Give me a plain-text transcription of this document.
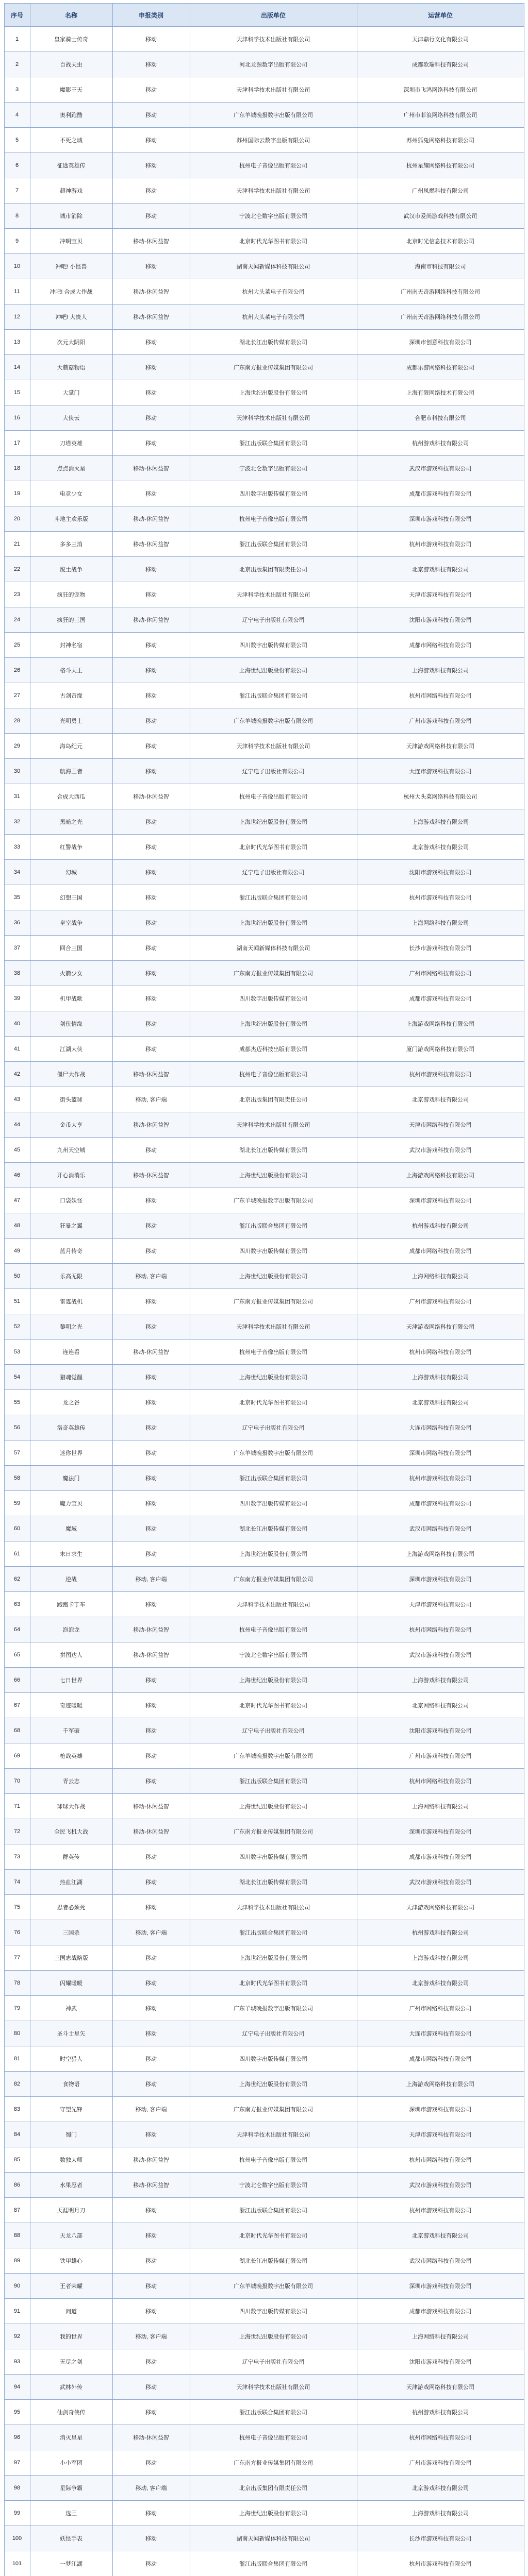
序号	名称	申报类别	出版单位	运营单位
1	皇家骑士传奇	移动	天津科学技术出版社有限公司	天津鼎行文化有限公司
2	百战天虫	移动	河北龙源数字出版有限公司	成都欧瑞科技有限公司
3	魔影王天	移动	天津科学技术出版社有限公司	深圳市飞鸿网络科技有限公司
4	奥利跑酷	移动	广东羊城晚报数字出版有限公司	广州市菲浪网络科技有限公司
5	不死之城	移动	苏州国际云数字出版有限公司	苏州狐兔网络科技有限公司
6	征途英雄传	移动	杭州电子音像出版有限公司	杭州星耀网络科技有限公司
7	超神游戏	移动	天津科学技术出版社有限公司	广州凤燃科技有限公司
8	城市消除	移动	宁波北仑数字出版有限公司	武汉市爱尚游戏科技有限公司
9	冲啊宝贝	移动-休闲益智	北京时代光华图书有限公司	北京时光信息技术有限公司
10	冲吧! 小怪兽	移动	湖南天闻新媒体科技有限公司	海南市科技有限公司
11	冲吧! 合成大作战	移动-休闲益智	杭州大头菜电子有限公司	广州南天奇游网络科技有限公司
12	冲吧! 大贵人	移动-休闲益智	杭州大头菜电子有限公司	广州南天奇游网络科技有限公司
13	次元大阴阳	移动	湖北长江出版传媒有限公司	深圳市创意科技有限公司
14	大蘑菇物语	移动	广东南方报业传媒集团有限公司	成都乐游网络科技有限公司
15	大掌门	移动	上海世纪出版股份有限公司	上海有限网络技术有限公司
16	大侠云	移动	天津科学技术出版社有限公司	合肥市科技有限公司
17	刀塔英雄	移动	浙江出版联合集团有限公司	杭州游戏科技有限公司
18	点点消灭星	移动-休闲益智	宁波北仑数字出版有限公司	武汉市游戏科技有限公司
19	电竞少女	移动	四川数字出版传媒有限公司	成都市游戏科技有限公司
20	斗地主欢乐版	移动-休闲益智	杭州电子音像出版有限公司	深圳市游戏科技有限公司
21	多多三消	移动-休闲益智	浙江出版联合集团有限公司	杭州市游戏科技有限公司
22	废土战争	移动	北京出版集团有限责任公司	北京游戏科技有限公司
23	疯狂的宠物	移动	天津科学技术出版社有限公司	天津市游戏科技有限公司
24	疯狂的三国	移动-休闲益智	辽宁电子出版社有限公司	沈阳市游戏科技有限公司
25	封神名宿	移动	四川数字出版传媒有限公司	成都市网络科技有限公司
26	格斗天王	移动	上海世纪出版股份有限公司	上海游戏科技有限公司
27	古剑奇缘	移动	浙江出版联合集团有限公司	杭州市网络科技有限公司
28	光明勇士	移动	广东羊城晚报数字出版有限公司	广州市游戏科技有限公司
29	海岛纪元	移动	天津科学技术出版社有限公司	天津游戏网络科技有限公司
30	航海王者	移动	辽宁电子出版社有限公司	大连市游戏科技有限公司
31	合成大西瓜	移动-休闲益智	杭州电子音像出版有限公司	杭州大头菜网络科技有限公司
32	黑暗之光	移动	上海世纪出版股份有限公司	上海游戏科技有限公司
33	红警战争	移动	北京时代光华图书有限公司	北京游戏科技有限公司
34	幻城	移动	辽宁电子出版社有限公司	沈阳市游戏科技有限公司
35	幻想三国	移动	浙江出版联合集团有限公司	杭州市游戏科技有限公司
36	皇室战争	移动	上海世纪出版股份有限公司	上海网络科技有限公司
37	回合三国	移动	湖南天闻新媒体科技有限公司	长沙市游戏科技有限公司
38	火箭少女	移动	广东南方报业传媒集团有限公司	广州市网络科技有限公司
39	机甲战歌	移动	四川数字出版传媒有限公司	成都市游戏科技有限公司
40	剑侠情缘	移动	上海世纪出版股份有限公司	上海游戏网络科技有限公司
41	江湖大侠	移动	成都杰迈科技出版有限公司	厦门游戏网络科技有限公司
42	僵尸大作战	移动-休闲益智	杭州电子音像出版有限公司	杭州市游戏科技有限公司
43	街头篮球	移动, 客户端	北京出版集团有限责任公司	北京游戏科技有限公司
44	金币大亨	移动-休闲益智	天津科学技术出版社有限公司	天津市网络科技有限公司
45	九州天空城	移动	湖北长江出版传媒有限公司	武汉市游戏科技有限公司
46	开心消消乐	移动-休闲益智	上海世纪出版股份有限公司	上海游戏网络科技有限公司
47	口袋妖怪	移动	广东羊城晚报数字出版有限公司	深圳市游戏科技有限公司
48	狂暴之翼	移动	浙江出版联合集团有限公司	杭州游戏科技有限公司
49	蓝月传奇	移动	四川数字出版传媒有限公司	成都市网络科技有限公司
50	乐高无限	移动, 客户端	上海世纪出版股份有限公司	上海网络科技有限公司
51	雷霆战机	移动	广东南方报业传媒集团有限公司	广州市游戏科技有限公司
52	黎明之光	移动	天津科学技术出版社有限公司	天津游戏网络科技有限公司
53	连连看	移动-休闲益智	杭州电子音像出版有限公司	杭州市网络科技有限公司
54	猎魂觉醒	移动	上海世纪出版股份有限公司	上海游戏科技有限公司
55	龙之谷	移动	北京时代光华图书有限公司	北京游戏科技有限公司
56	洛奇英雄传	移动	辽宁电子出版社有限公司	大连市网络科技有限公司
57	迷你世界	移动	广东羊城晚报数字出版有限公司	深圳市网络科技有限公司
58	魔法门	移动	浙江出版联合集团有限公司	杭州市游戏科技有限公司
59	魔力宝贝	移动	四川数字出版传媒有限公司	成都市游戏科技有限公司
60	魔域	移动	湖北长江出版传媒有限公司	武汉市网络科技有限公司
61	末日求生	移动	上海世纪出版股份有限公司	上海游戏网络科技有限公司
62	逆战	移动, 客户端	广东南方报业传媒集团有限公司	深圳市游戏科技有限公司
63	跑跑卡丁车	移动	天津科学技术出版社有限公司	天津市游戏科技有限公司
64	泡泡龙	移动-休闲益智	杭州电子音像出版有限公司	杭州市网络科技有限公司
65	拼图达人	移动-休闲益智	宁波北仑数字出版有限公司	武汉市游戏科技有限公司
66	七日世界	移动	上海世纪出版股份有限公司	上海游戏科技有限公司
67	奇迹暖暖	移动	北京时代光华图书有限公司	北京网络科技有限公司
68	千军破	移动	辽宁电子出版社有限公司	沈阳市游戏科技有限公司
69	枪战英雄	移动	广东羊城晚报数字出版有限公司	广州市游戏科技有限公司
70	青云志	移动	浙江出版联合集团有限公司	杭州市网络科技有限公司
71	球球大作战	移动-休闲益智	上海世纪出版股份有限公司	上海网络科技有限公司
72	全民飞机大战	移动-休闲益智	广东南方报业传媒集团有限公司	深圳市游戏科技有限公司
73	群英传	移动	四川数字出版传媒有限公司	成都市游戏科技有限公司
74	热血江湖	移动	湖北长江出版传媒有限公司	武汉市游戏科技有限公司
75	忍者必须死	移动	天津科学技术出版社有限公司	天津游戏网络科技有限公司
76	三国杀	移动, 客户端	浙江出版联合集团有限公司	杭州游戏科技有限公司
77	三国志战略版	移动	上海世纪出版股份有限公司	上海游戏科技有限公司
78	闪耀暖暖	移动	北京时代光华图书有限公司	北京游戏科技有限公司
79	神武	移动	广东羊城晚报数字出版有限公司	广州市网络科技有限公司
80	圣斗士星矢	移动	辽宁电子出版社有限公司	大连市游戏科技有限公司
81	时空猎人	移动	四川数字出版传媒有限公司	成都市网络科技有限公司
82	食物语	移动	上海世纪出版股份有限公司	上海游戏网络科技有限公司
83	守望先锋	移动, 客户端	广东南方报业传媒集团有限公司	深圳市游戏科技有限公司
84	蜀门	移动	天津科学技术出版社有限公司	天津市游戏科技有限公司
85	数独大师	移动-休闲益智	杭州电子音像出版有限公司	杭州市网络科技有限公司
86	水果忍者	移动-休闲益智	宁波北仑数字出版有限公司	武汉市游戏科技有限公司
87	天涯明月刀	移动	浙江出版联合集团有限公司	杭州市游戏科技有限公司
88	天龙八部	移动	北京时代光华图书有限公司	北京游戏科技有限公司
89	铁甲雄心	移动	湖北长江出版传媒有限公司	武汉市网络科技有限公司
90	王者荣耀	移动	广东羊城晚报数字出版有限公司	深圳市游戏科技有限公司
91	问道	移动	四川数字出版传媒有限公司	成都市游戏科技有限公司
92	我的世界	移动, 客户端	上海世纪出版股份有限公司	上海网络科技有限公司
93	无尽之剑	移动	辽宁电子出版社有限公司	沈阳市游戏科技有限公司
94	武林外传	移动	天津科学技术出版社有限公司	天津游戏网络科技有限公司
95	仙剑奇侠传	移动	浙江出版联合集团有限公司	杭州游戏科技有限公司
96	消灭星星	移动-休闲益智	杭州电子音像出版有限公司	杭州市网络科技有限公司
97	小小军团	移动	广东南方报业传媒集团有限公司	广州市游戏科技有限公司
98	星际争霸	移动, 客户端	北京出版集团有限责任公司	北京游戏科技有限公司
99	选王	移动	上海世纪出版股份有限公司	上海游戏科技有限公司
100	妖怪手表	移动	湖南天闻新媒体科技有限公司	长沙市游戏科技有限公司
101	一梦江湖	移动	浙江出版联合集团有限公司	杭州市游戏科技有限公司
